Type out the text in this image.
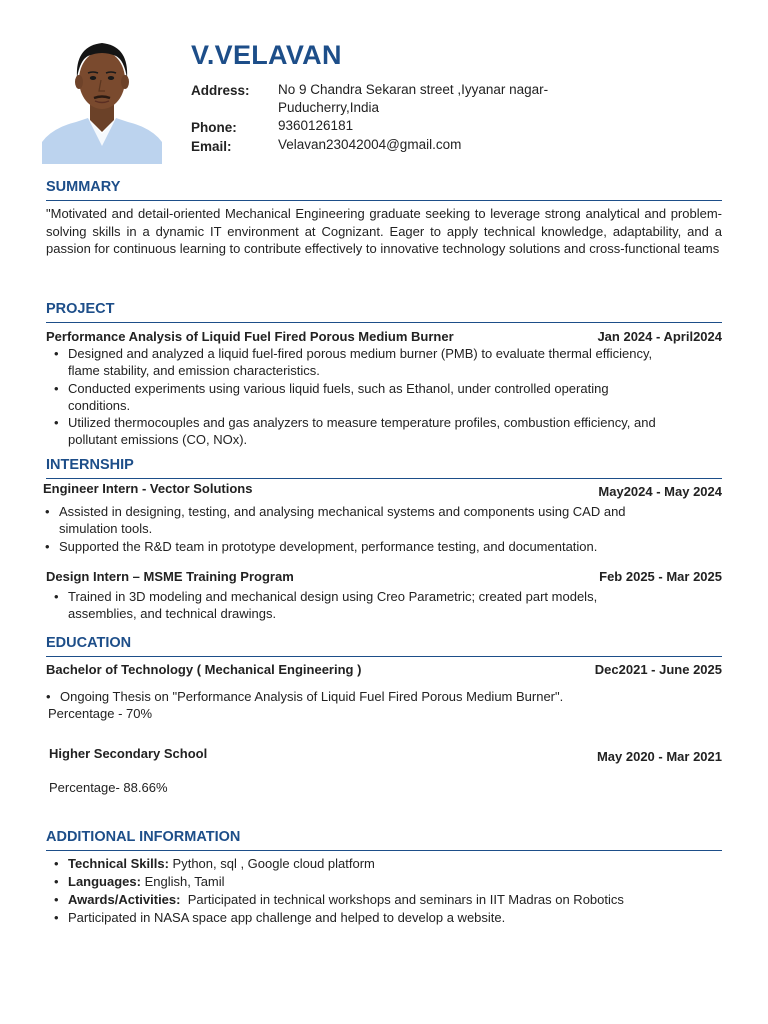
V.VELAVAN
Address: No 9 Chandra Sekaran street ,Iyyanar nagar-
Puducherry,India
Phone:	9360126181
Email:	Velavan23042004@gmail.com
SUMMARY
"Motivated and detail-oriented Mechanical Engineering graduate seeking to leverage strong analytical and problem-solving skills in a dynamic IT environment at Cognizant. Eager to apply technical knowledge, adaptability, and a passion for continuous learning to contribute effectively to innovative technology solutions and cross-functional teams
PROJECT
Performance Analysis of Liquid Fuel Fired Porous Medium Burner	Jan 2024 - April2024
• Designed and analyzed a liquid fuel-fired porous medium burner (PMB) to evaluate thermal efficiency, flame stability, and emission characteristics.
• Conducted experiments using various liquid fuels, such as Ethanol, under controlled operating conditions.
• Utilized thermocouples and gas analyzers to measure temperature profiles, combustion efficiency, and pollutant emissions (CO, NOx).
INTERNSHIP
Engineer Intern - Vector Solutions	May2024 - May 2024
• Assisted in designing, testing, and analysing mechanical systems and components using CAD and simulation tools.
• Supported the R&D team in prototype development, performance testing, and documentation.
Design Intern – MSME Training Program	Feb 2025 - Mar 2025
• Trained in 3D modeling and mechanical design using Creo Parametric; created part models, assemblies, and technical drawings.
EDUCATION
Bachelor of Technology ( Mechanical Engineering )	Dec2021 - June 2025
• Ongoing Thesis on "Performance Analysis of Liquid Fuel Fired Porous Medium Burner".
Percentage - 70%
Higher Secondary School	May 2020 - Mar 2021
Percentage- 88.66%
ADDITIONAL INFORMATION
• Technical Skills: Python, sql , Google cloud platform
• Languages: English, Tamil
• Awards/Activities:  Participated in technical workshops and seminars in IIT Madras on Robotics
• Participated in NASA space app challenge and helped to develop a website.
